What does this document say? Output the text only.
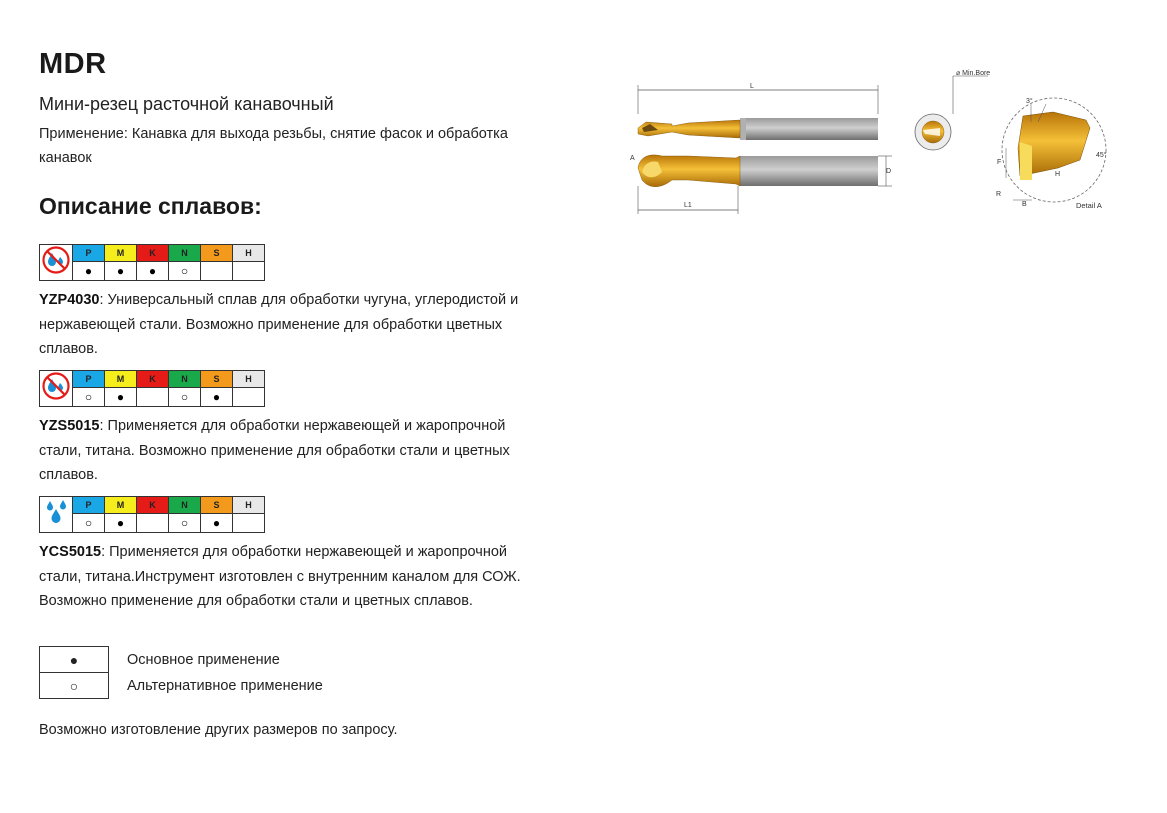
MDR

Мини-резец расточной канавочный

Применение: Канавка для выхода резьбы, снятие фасок и обработка канавок

Описание сплавов:
	P	M	K	N	S	H
	●	●	●	○		

YZP4030: Универсальный сплав для обработки чугуна, углеродистой и нержавеющей стали. Возможно применение для обработки цветных сплавов.

	P	M	K	N	S	H
	○	●		○	●	

YZS5015: Применяется для обработки нержавеющей и жаропрочной стали, титана. Возможно применение для обработки стали и цветных сплавов.

	P	M	K	N	S	H
	○	●		○	●	

YCS5015: Применяется для обработки нержавеющей и жаропрочной стали, титана.Инструмент изготовлен с внутренним каналом для СОЖ. Возможно применение для обработки стали и цветных сплавов.

●	Основное применение
○	Альтернативное применение

Возможно изготовление других размеров по запросу.

L
A
D
L1
⌀ Min.Bore
3°
45°
F
H
R
B	Detail A
